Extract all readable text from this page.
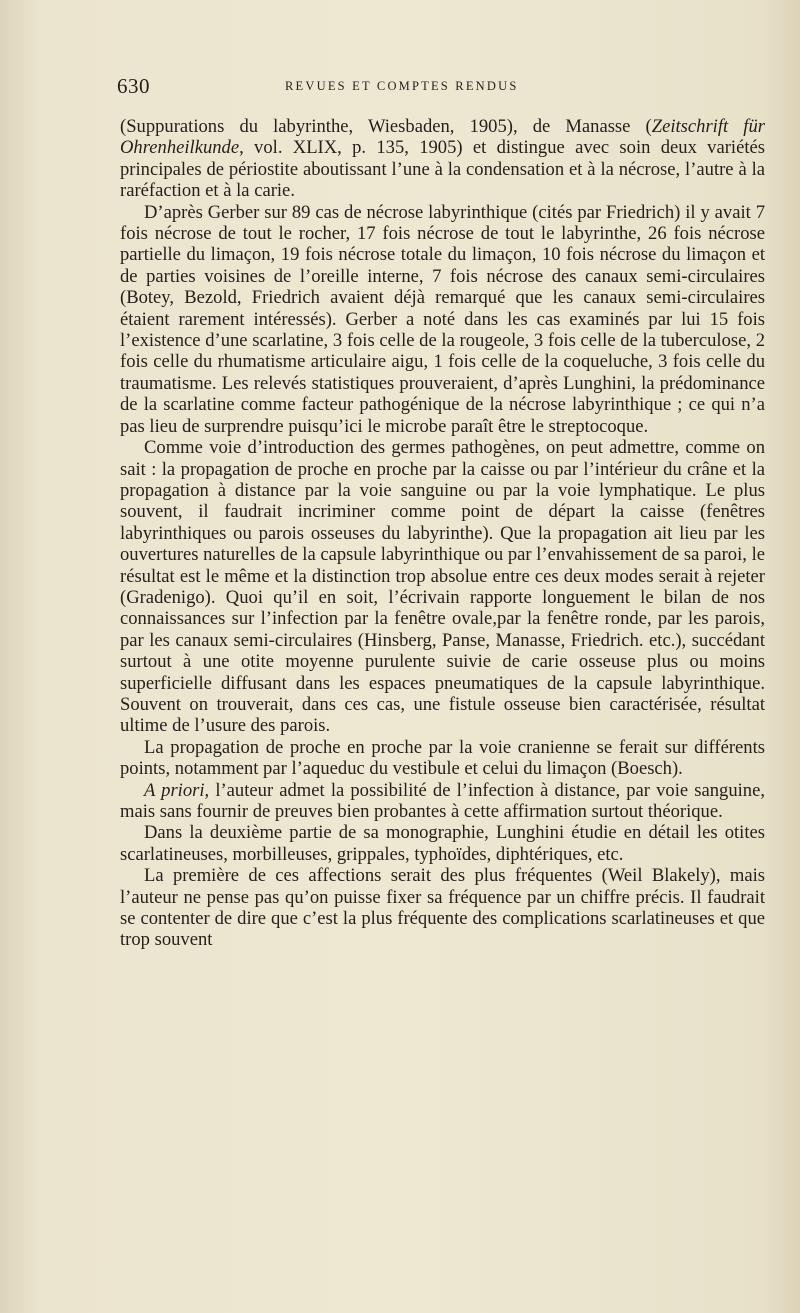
630	REVUES ET COMPTES RENDUS

(Suppurations du labyrinthe, Wiesbaden, 1905), de Manasse (Zeitschrift für Ohrenheilkunde, vol. XLIX, p. 135, 1905) et distingue avec soin deux variétés principales de périostite aboutissant l’une à la condensation et à la nécrose, l’autre à la raréfaction et à la carie.

D’après Gerber sur 89 cas de nécrose labyrinthique (cités par Friedrich) il y avait 7 fois nécrose de tout le rocher, 17 fois nécrose de tout le labyrinthe, 26 fois nécrose partielle du limaçon, 19 fois nécrose totale du limaçon, 10 fois nécrose du limaçon et de parties voisines de l’oreille interne, 7 fois nécrose des canaux semi-circulaires (Botey, Bezold, Friedrich avaient déjà remarqué que les canaux semi-circulaires étaient rarement intéressés). Gerber a noté dans les cas examinés par lui 15 fois l’existence d’une scarlatine, 3 fois celle de la rougeole, 3 fois celle de la tuberculose, 2 fois celle du rhumatisme articulaire aigu, 1 fois celle de la coqueluche, 3 fois celle du traumatisme. Les relevés statistiques prouveraient, d’après Lunghini, la prédominance de la scarlatine comme facteur pathogénique de la nécrose labyrinthique ; ce qui n’a pas lieu de surprendre puisqu’ici le microbe paraît être le streptocoque.

Comme voie d’introduction des germes pathogènes, on peut admettre, comme on sait : la propagation de proche en proche par la caisse ou par l’intérieur du crâne et la propagation à distance par la voie sanguine ou par la voie lymphatique. Le plus souvent, il faudrait incriminer comme point de départ la caisse (fenêtres labyrinthiques ou parois osseuses du labyrinthe). Que la propagation ait lieu par les ouvertures naturelles de la capsule labyrinthique ou par l’envahissement de sa paroi, le résultat est le même et la distinction trop absolue entre ces deux modes serait à rejeter (Gradenigo). Quoi qu’il en soit, l’écrivain rapporte longuement le bilan de nos connaissances sur l’infection par la fenêtre ovale,par la fenêtre ronde, par les parois, par les canaux semi-circulaires (Hinsberg, Panse, Manasse, Friedrich. etc.), succédant surtout à une otite moyenne purulente suivie de carie osseuse plus ou moins superficielle diffusant dans les espaces pneumatiques de la capsule labyrinthique. Souvent on trouverait, dans ces cas, une fistule osseuse bien caractérisée, résultat ultime de l’usure des parois.

La propagation de proche en proche par la voie cranienne se ferait sur différents points, notamment par l’aqueduc du vestibule et celui du limaçon (Boesch).

A priori, l’auteur admet la possibilité de l’infection à distance, par voie sanguine, mais sans fournir de preuves bien probantes à cette affirmation surtout théorique.

Dans la deuxième partie de sa monographie, Lunghini étudie en détail les otites scarlatineuses, morbilleuses, grippales, typhoïdes, diphtériques, etc.

La première de ces affections serait des plus fréquentes (Weil Blakely), mais l’auteur ne pense pas qu’on puisse fixer sa fréquence par un chiffre précis. Il faudrait se contenter de dire que c’est la plus fréquente des complications scarlatineuses et que trop souvent
